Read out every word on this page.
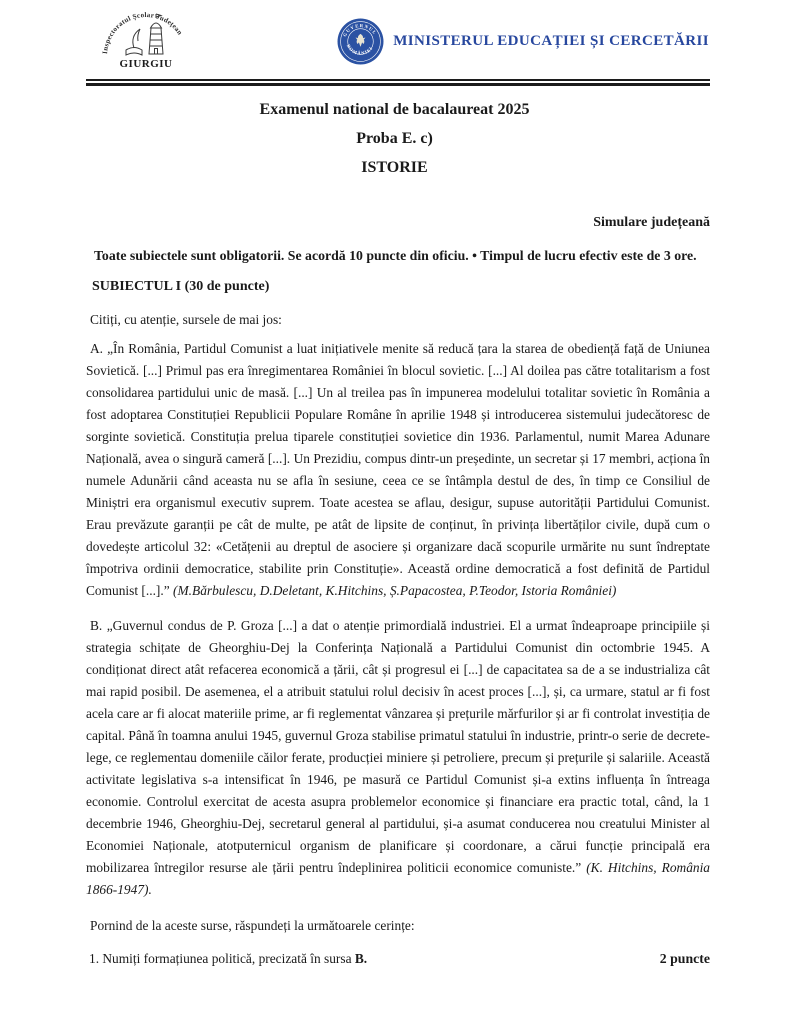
Inspectoratul Școlar Județean
GIURGIU
GUVERNUL
ROMÂNIEI MINISTERUL EDUCAȚIEI ȘI CERCETĂRII
Examenul national de bacalaureat 2025
Proba E. c)
ISTORIE
Simulare județeană

Toate subiectele sunt obligatorii. Se acordă 10 puncte din oficiu. • Timpul de lucru efectiv este de 3 ore.

SUBIECTUL I (30 de puncte)

Citiți, cu atenție, sursele de mai jos:

A. „În România, Partidul Comunist a luat inițiativele menite să reducă țara la starea de obediență față de Uniunea Sovietică. [...] Primul pas era înregimentarea României în blocul sovietic. [...] Al doilea pas către totalitarism a fost consolidarea partidului unic de masă. [...] Un al treilea pas în impunerea modelului totalitar sovietic în România a fost adoptarea Constituției Republicii Populare Române în aprilie 1948 și introducerea sistemului judecătoresc de sorginte sovietică. Constituția prelua tiparele constituției sovietice din 1936. Parlamentul, numit Marea Adunare Națională, avea o singură cameră [...]. Un Prezidiu, compus dintr-un președinte, un secretar și 17 membri, acționa în numele Adunării când aceasta nu se afla în sesiune, ceea ce se întâmpla destul de des, în timp ce Consiliul de Miniștri era organismul executiv suprem. Toate acestea se aflau, desigur, supuse autorității Partidului Comunist. Erau prevăzute garanții pe cât de multe, pe atât de lipsite de conținut, în privința libertăților civile, după cum o dovedește articolul 32: «Cetățenii au dreptul de asociere și organizare dacă scopurile urmărite nu sunt îndreptate împotriva ordinii democratice, stabilite prin Constituție». Această ordine democratică a fost definită de Partidul Comunist [...].” (M.Bărbulescu, D.Deletant, K.Hitchins, Ș.Papacostea, P.Teodor, Istoria României)

B. „Guvernul condus de P. Groza [...] a dat o atenție primordială industriei. El a urmat îndeaproape principiile și strategia schițate de Gheorghiu-Dej la Conferința Națională a Partidului Comunist din octombrie 1945. A condiționat direct atât refacerea economică a țării, cât și progresul ei [...] de capacitatea sa de a se industrializa cât mai rapid posibil. De asemenea, el a atribuit statului rolul decisiv în acest proces [...], și, ca urmare, statul ar fi fost acela care ar fi alocat materiile prime, ar fi reglementat vânzarea și prețurile mărfurilor și ar fi controlat investiția de capital. Până în toamna anului 1945, guvernul Groza stabilise primatul statului în industrie, printr-o serie de decrete-lege, ce reglementau domeniile căilor ferate, producției miniere și petroliere, precum și prețurile și salariile. Această activitate legislativa s-a intensificat în 1946, pe masură ce Partidul Comunist și-a extins influența în întreaga economie. Controlul exercitat de acesta asupra problemelor economice și financiare era practic total, când, la 1 decembrie 1946, Gheorghiu-Dej, secretarul general al partidului, și-a asumat conducerea nou creatului Minister al Economiei Naționale, atotputernicul organism de planificare și coordonare, a cărui funcție principală era mobilizarea întregilor resurse ale țării pentru îndeplinirea politicii economice comuniste.” (K. Hitchins, România 1866-1947).

Pornind de la aceste surse, răspundeți la următoarele cerințe:

1. Numiți formațiunea politică, precizată în sursa B.	2 puncte
